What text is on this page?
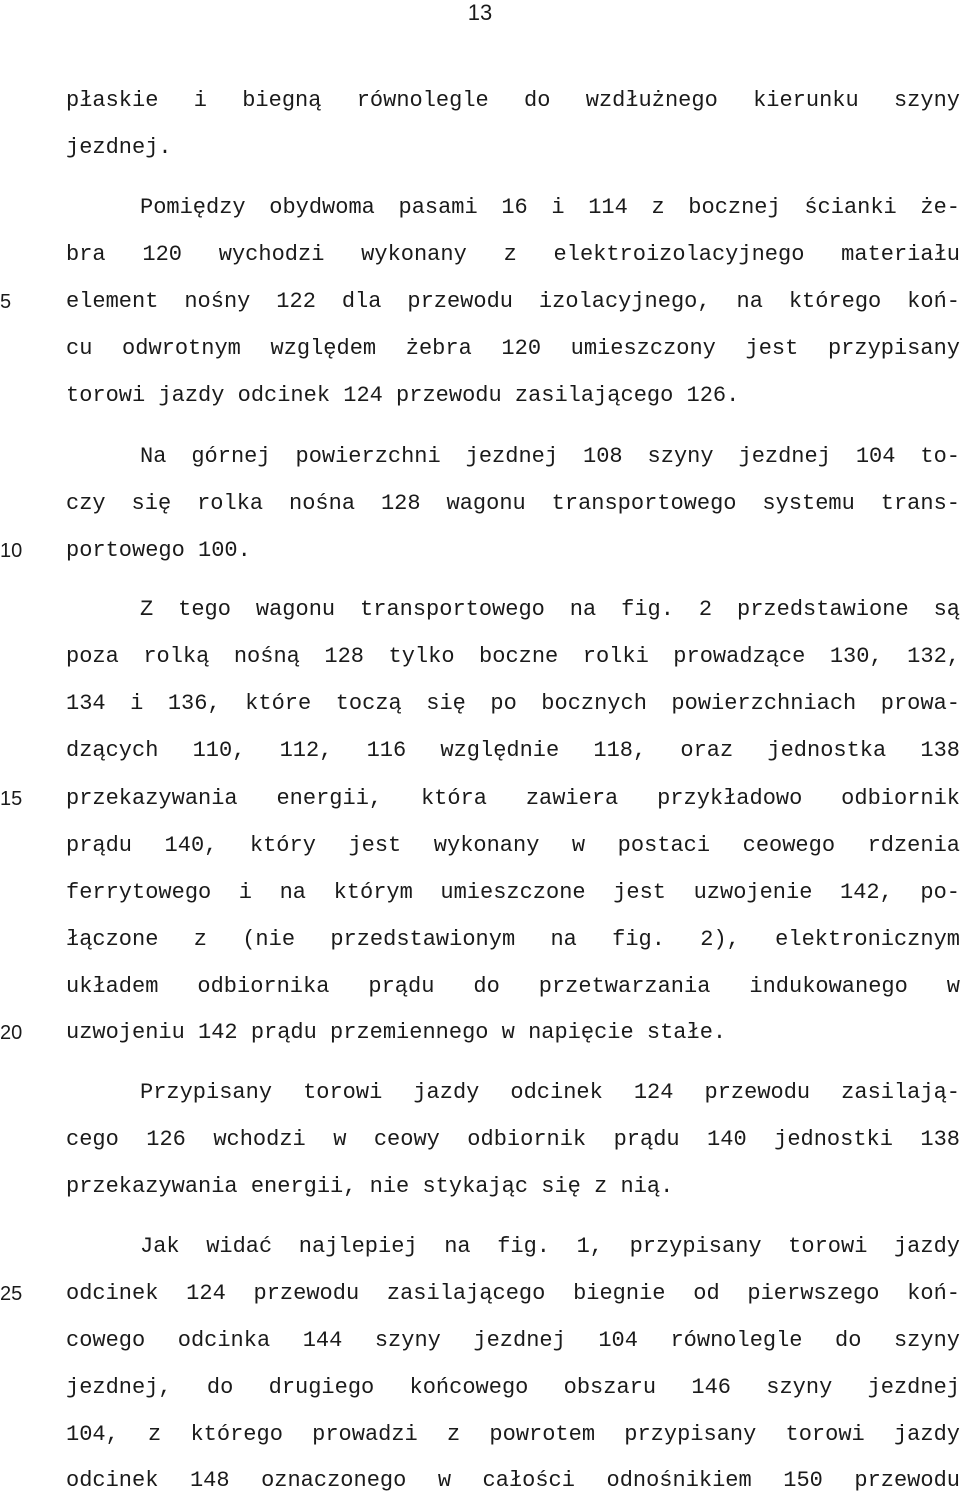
13
5
10
15
20
25
płaskie i biegną równolegle do wzdłużnego kierunku szyny
jezdnej.
Pomiędzy obydwoma pasami 16 i 114 z bocznej ścianki że-
bra 120 wychodzi wykonany z elektroizolacyjnego materiału
element nośny 122 dla przewodu izolacyjnego, na którego koń-
cu odwrotnym względem żebra 120 umieszczony jest przypisany
torowi jazdy odcinek 124 przewodu zasilającego 126.
Na górnej powierzchni jezdnej 108 szyny jezdnej 104 to-
czy się rolka nośna 128 wagonu transportowego systemu trans-
portowego 100.
Z tego wagonu transportowego na fig. 2 przedstawione są
poza rolką nośną 128 tylko boczne rolki prowadzące 130, 132,
134 i 136, które toczą się po bocznych powierzchniach prowa-
dzących 110, 112, 116 względnie 118, oraz jednostka 138
przekazywania energii, która zawiera przykładowo odbiornik
prądu 140, który jest wykonany w postaci ceowego rdzenia
ferrytowego i na którym umieszczone jest uzwojenie 142, po-
łączone z (nie przedstawionym na fig. 2), elektronicznym
układem odbiornika prądu do przetwarzania indukowanego w
uzwojeniu 142 prądu przemiennego w napięcie stałe.
Przypisany torowi jazdy odcinek 124 przewodu zasilają-
cego 126 wchodzi w ceowy odbiornik prądu 140 jednostki 138
przekazywania energii, nie stykając się z nią.
Jak widać najlepiej na fig. 1, przypisany torowi jazdy
odcinek 124 przewodu zasilającego biegnie od pierwszego koń-
cowego odcinka 144 szyny jezdnej 104 równolegle do szyny
jezdnej, do drugiego końcowego obszaru 146 szyny jezdnej
104, z którego prowadzi z powrotem przypisany torowi jazdy
odcinek 148 oznaczonego w całości odnośnikiem 150 przewodu
